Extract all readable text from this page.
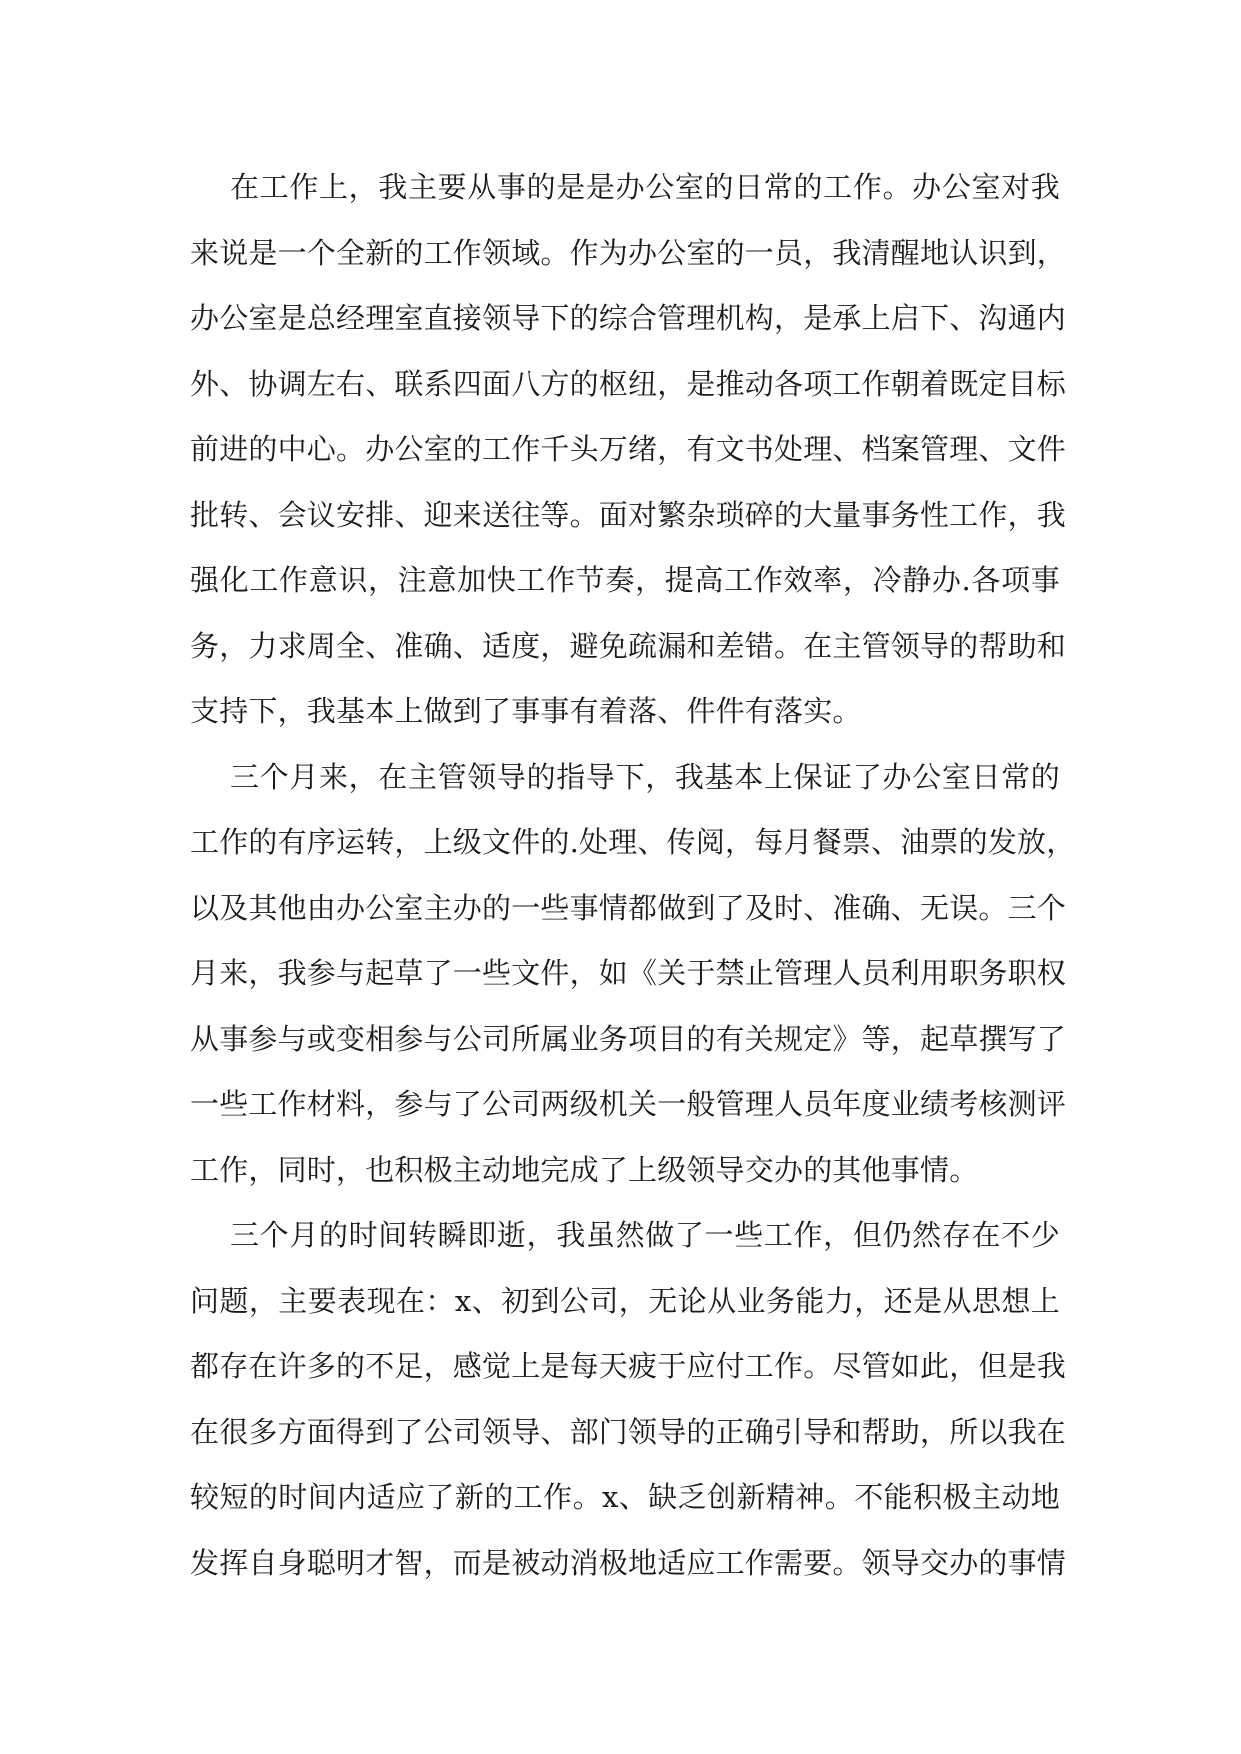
在工作上，我主要从事的是是办公室的日常的工作。办公室对我
来说是一个全新的工作领域。作为办公室的一员，我清醒地认识到，
办公室是总经理室直接领导下的综合管理机构，是承上启下、沟通内
外、协调左右、联系四面八方的枢纽，是推动各项工作朝着既定目标
前进的中心。办公室的工作千头万绪，有文书处理、档案管理、文件
批转、会议安排、迎来送往等。面对繁杂琐碎的大量事务性工作，我
强化工作意识，注意加快工作节奏，提高工作效率，冷静办.各项事
务，力求周全、准确、适度，避免疏漏和差错。在主管领导的帮助和
支持下，我基本上做到了事事有着落、件件有落实。
三个月来，在主管领导的指导下，我基本上保证了办公室日常的
工作的有序运转，上级文件的.处理、传阅，每月餐票、油票的发放，
以及其他由办公室主办的一些事情都做到了及时、准确、无误。三个
月来，我参与起草了一些文件，如《关于禁止管理人员利用职务职权
从事参与或变相参与公司所属业务项目的有关规定》等，起草撰写了
一些工作材料，参与了公司两级机关一般管理人员年度业绩考核测评
工作，同时，也积极主动地完成了上级领导交办的其他事情。
三个月的时间转瞬即逝，我虽然做了一些工作，但仍然存在不少
问题，主要表现在：x、初到公司，无论从业务能力，还是从思想上
都存在许多的不足，感觉上是每天疲于应付工作。尽管如此，但是我
在很多方面得到了公司领导、部门领导的正确引导和帮助，所以我在
较短的时间内适应了新的工作。x、缺乏创新精神。不能积极主动地
发挥自身聪明才智，而是被动消极地适应工作需要。领导交办的事情
